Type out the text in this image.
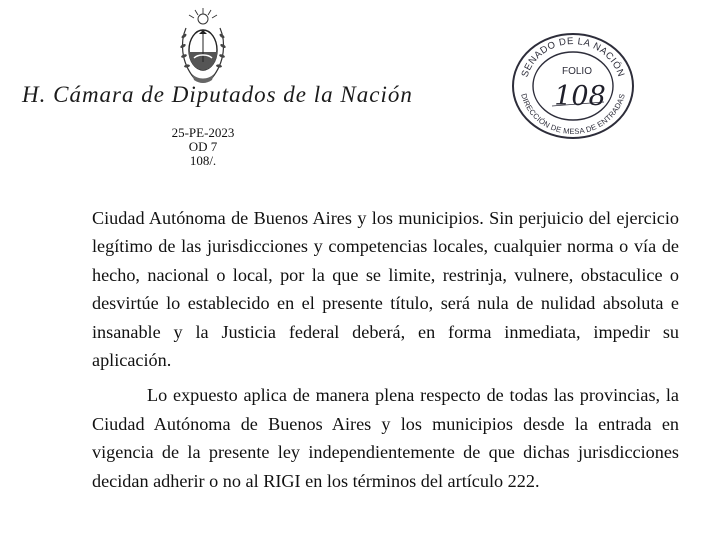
H. Cámara de Diputados de la Nación
25-PE-2023
OD 7
108/.
SENADO DE LA NACIÓN
DIRECCIÓN DE MESA DE ENTRADAS
FOLIO
108

Ciudad Autónoma de Buenos Aires y los municipios. Sin perjuicio del ejercicio legítimo de las jurisdicciones y competencias locales, cualquier norma o vía de hecho, nacional o local, por la que se limite, restrinja, vulnere, obstaculice o desvirtúe lo establecido en el presente título, será nula de nulidad absoluta e insanable y la Justicia federal deberá, en forma inmediata, impedir su aplicación.

Lo expuesto aplica de manera plena respecto de todas las provincias, la Ciudad Autónoma de Buenos Aires y los municipios desde la entrada en vigencia de la presente ley independientemente de que dichas jurisdicciones decidan adherir o no al RIGI en los términos del artículo 222.
